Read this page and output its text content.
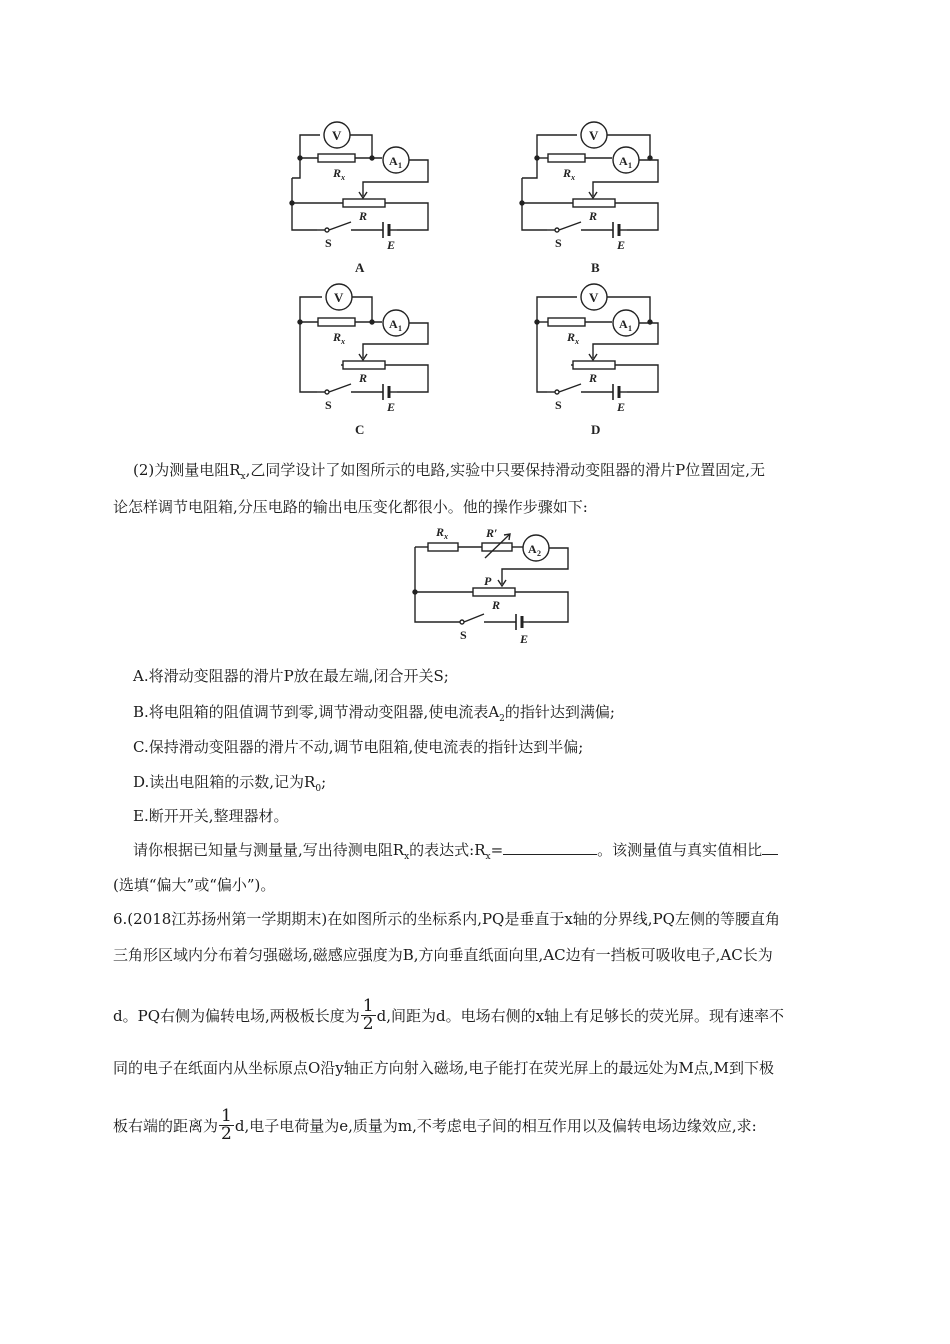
V
R x
R
E
A 1
S
A
R x
R
E
V
A 1
S
B
R x
R
E
V
A 1
S
C
R x
R
E
V
A 1
S
D
(2)为测量电阻$R_x$,乙同学设计了如图所示的电路,实验中只要保持滑动变阻器的滑片P位置固定,无
论怎样调节电阻箱,分压电路的输出电压变化都很小。他的操作步骤如下:
R x	R′
P
R
E
A 2
S
A.将滑动变阻器的滑片P放在最左端,闭合开关S;
B.将电阻箱的阻值调节到零,调节滑动变阻器,使电流表$A_2$的指针达到满偏;
C.保持滑动变阻器的滑片不动,调节电阻箱,使电流表的指针达到半偏;
D.读出电阻箱的示数,记为$R_0$;
E.断开开关,整理器材。
请你根据已知量与测量量,写出待测电阻$R_x$的表达式$:R_x=$	。该测量值与真实值相比
(选填“偏大”或“偏小”)。
6.(2018江苏扬州第一学期期末)在如图所示的坐标系内,PQ是垂直于x轴的分界线,PQ左侧的等腰直角
三角形区域内分布着匀强磁场,磁感应强度为B,方向垂直纸面向里,AC边有一挡板可吸收电子,AC长为
d。PQ右侧为偏转电场,两极板长度为 $\frac{1}{2} d$,间距为d。电场右侧的x轴上有足够长的荧光屏。现有速率不
同的电子在纸面内从坐标原点O沿y轴正方向射入磁场,电子能打在荧光屏上的最远处为M点,M到下极
板右端的距离为 $\frac{1}{2} d$,电子电荷量为e,质量为m,不考虑电子间的相互作用以及偏转电场边缘效应,求:
